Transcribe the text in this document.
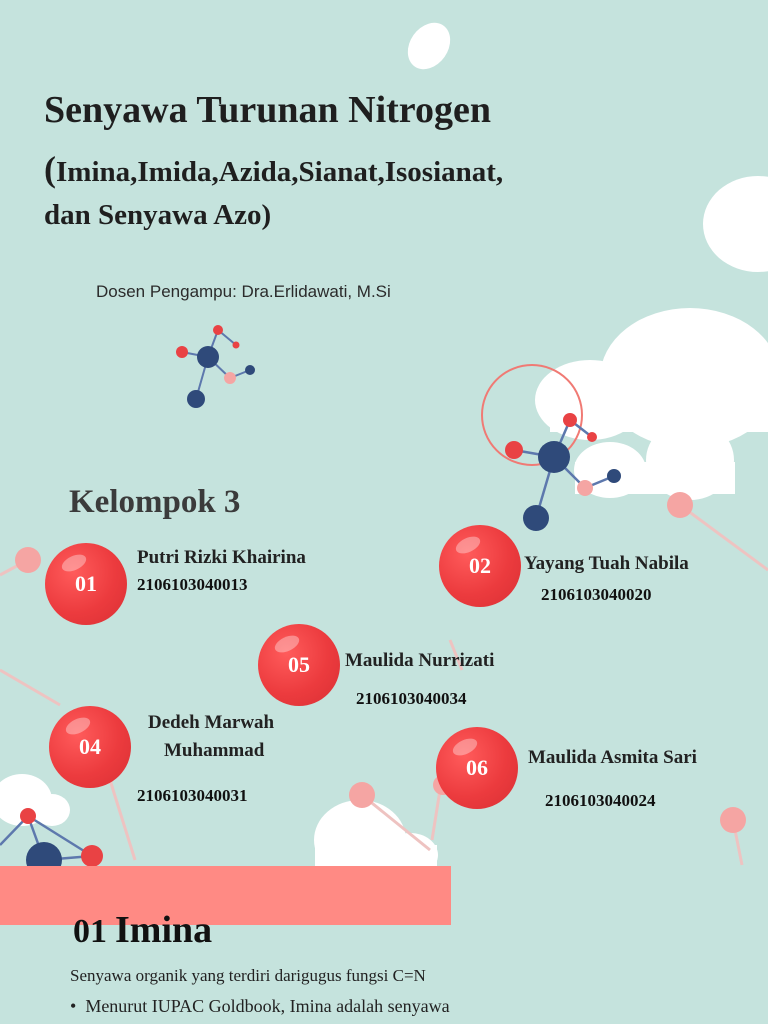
Senyawa Turunan Nitrogen
(Imina,Imida,Azida,Sianat,Isosianat,
dan Senyawa Azo)
Dosen Pengampu: Dra.Erlidawati, M.Si
Kelompok 3
01
Putri Rizki Khairina
2106103040013
02	Yayang Tuah Nabila
2106103040020
05	Maulida Nurrizati
2106103040034
04
Dedeh Marwah
Muhammad
2106103040031
06	Maulida Asmita Sari
2106103040024
01 Imina
Senyawa organik yang terdiri darigugus fungsi C=N
•  Menurut IUPAC Goldbook, Imina adalah senyawa
